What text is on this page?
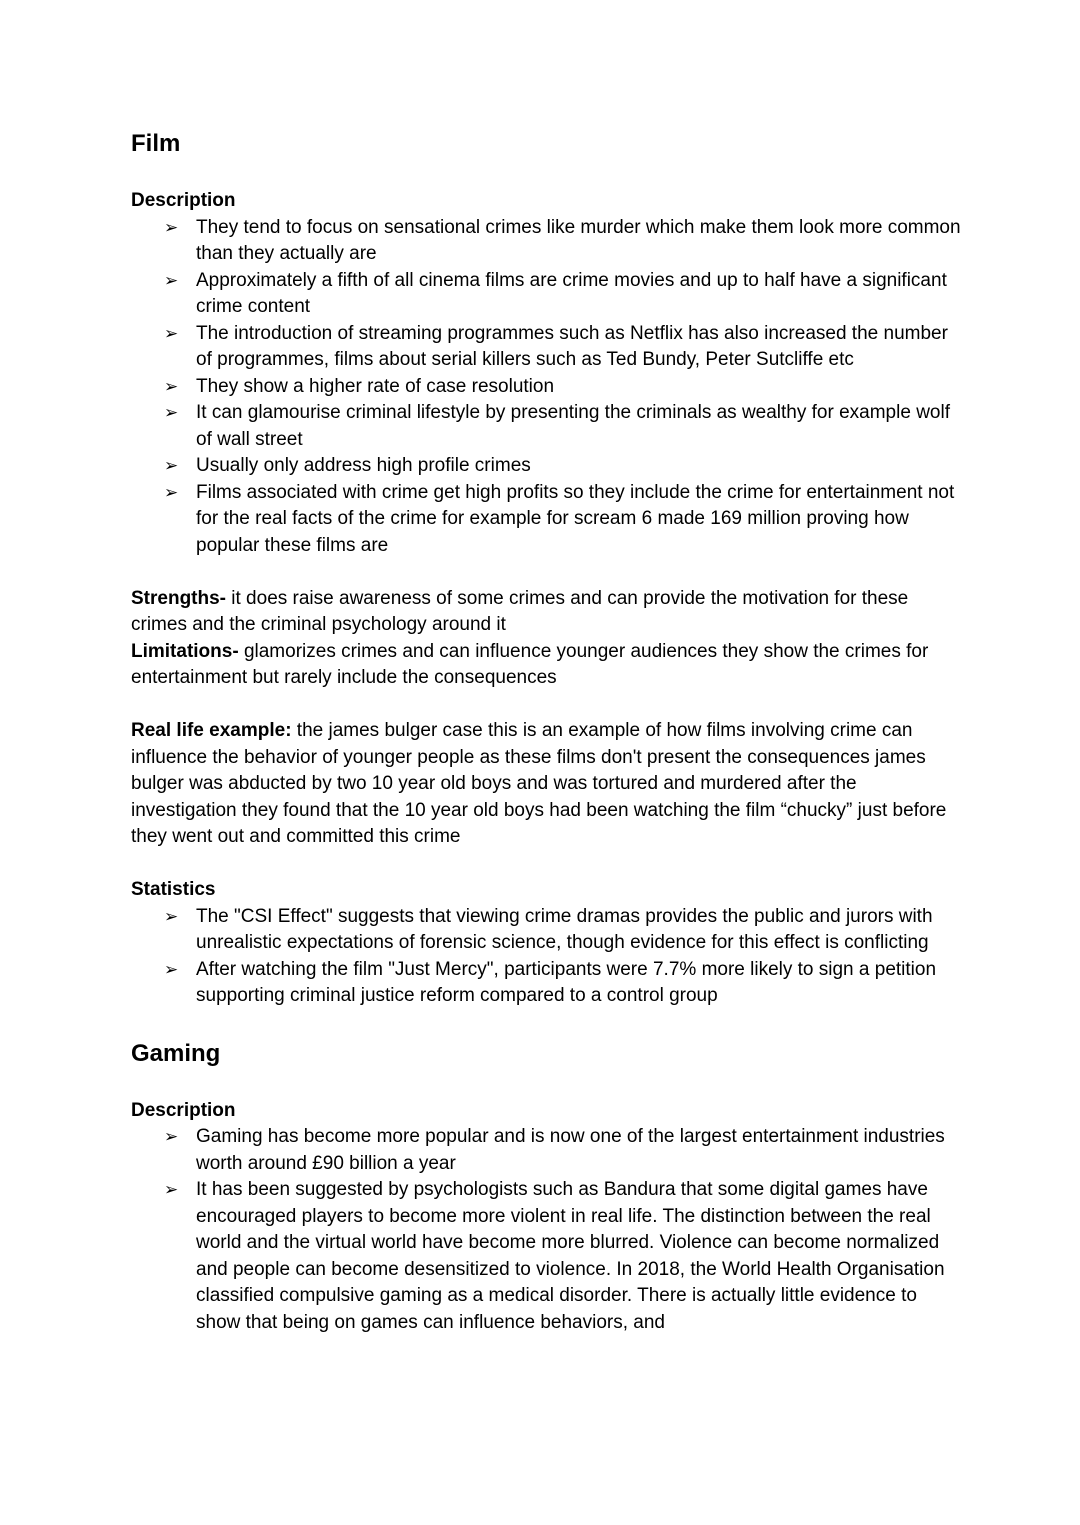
Film
Description
➢ They tend to focus on sensational crimes like murder which make them look more common than they actually are
➢ Approximately a fifth of all cinema films are crime movies and up to half have a significant crime content
➢ The introduction of streaming programmes such as Netflix has also increased the number of programmes, films about serial killers such as Ted Bundy, Peter Sutcliffe etc
➢ They show a higher rate of case resolution
➢ It can glamourise criminal lifestyle by presenting the criminals as wealthy for example wolf of wall street
➢ Usually only address high profile crimes
➢ Films associated with crime get high profits so they include the crime for entertainment not for the real facts of the crime for example for scream 6 made 169 million proving how popular these films are

Strengths- it does raise awareness of some crimes and can provide the motivation for these crimes and the criminal psychology around it

Limitations- glamorizes crimes and can influence younger audiences they show the crimes for entertainment but rarely include the consequences

Real life example: the james bulger case this is an example of how films involving crime can influence the behavior of younger people as these films don't present the consequences james bulger was abducted by two 10 year old boys and was tortured and murdered after the investigation they found that the 10 year old boys had been watching the film “chucky” just before they went out and committed this crime

Statistics
➢ The "CSI Effect" suggests that viewing crime dramas provides the public and jurors with unrealistic expectations of forensic science, though evidence for this effect is conflicting
➢ After watching the film "Just Mercy", participants were 7.7% more likely to sign a petition supporting criminal justice reform compared to a control group
Gaming
Description
➢ Gaming has become more popular and is now one of the largest entertainment industries worth around £90 billion a year
➢ It has been suggested by psychologists such as Bandura that some digital games have encouraged players to become more violent in real life. The distinction between the real world and the virtual world have become more blurred. Violence can become normalized and people can become desensitized to violence. In 2018, the World Health Organisation classified compulsive gaming as a medical disorder. There is actually little evidence to show that being on games can influence behaviors, and
